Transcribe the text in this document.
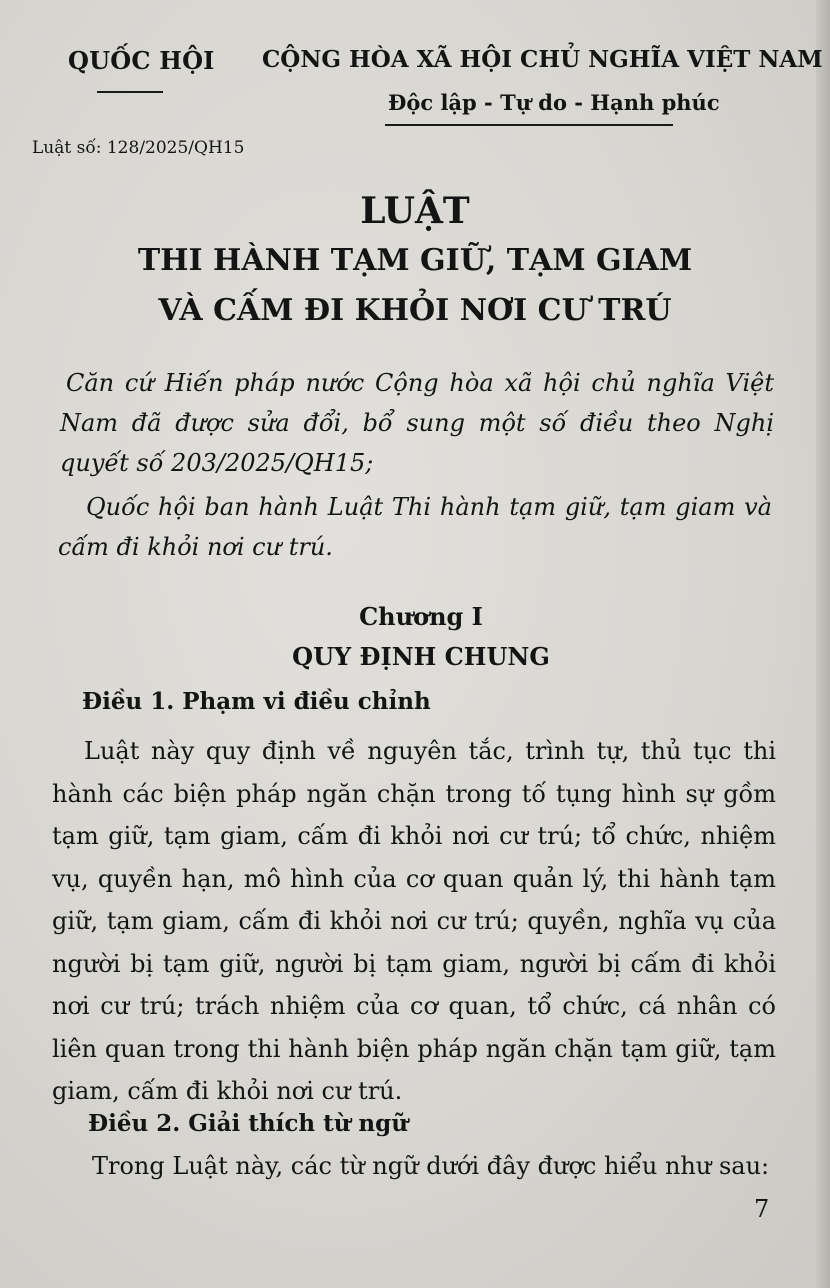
QUỐC HỘI CỘNG HÒA XÃ HỘI CHỦ NGHĨA VIỆT NAM
Độc lập - Tự do - Hạnh phúc
Luật số: 128/2025/QH15
LUẬT
THI HÀNH TẠM GIỮ, TẠM GIAM
VÀ CẤM ĐI KHỎI NƠI CƯ TRÚ
Căn cứ Hiến pháp nước Cộng hòa xã hội chủ nghĩa Việt Nam đã được sửa đổi, bổ sung một số điều theo Nghị quyết số 203/2025/QH15;
Quốc hội ban hành Luật Thi hành tạm giữ, tạm giam và cấm đi khỏi nơi cư trú.
Chương I
QUY ĐỊNH CHUNG
Điều 1. Phạm vi điều chỉnh
Luật này quy định về nguyên tắc, trình tự, thủ tục thi hành các biện pháp ngăn chặn trong tố tụng hình sự gồm tạm giữ, tạm giam, cấm đi khỏi nơi cư trú; tổ chức, nhiệm vụ, quyền hạn, mô hình của cơ quan quản lý, thi hành tạm giữ, tạm giam, cấm đi khỏi nơi cư trú; quyền, nghĩa vụ của người bị tạm giữ, người bị tạm giam, người bị cấm đi khỏi nơi cư trú; trách nhiệm của cơ quan, tổ chức, cá nhân có liên quan trong thi hành biện pháp ngăn chặn tạm giữ, tạm giam, cấm đi khỏi nơi cư trú.
Điều 2. Giải thích từ ngữ
Trong Luật này, các từ ngữ dưới đây được hiểu như sau:
7
